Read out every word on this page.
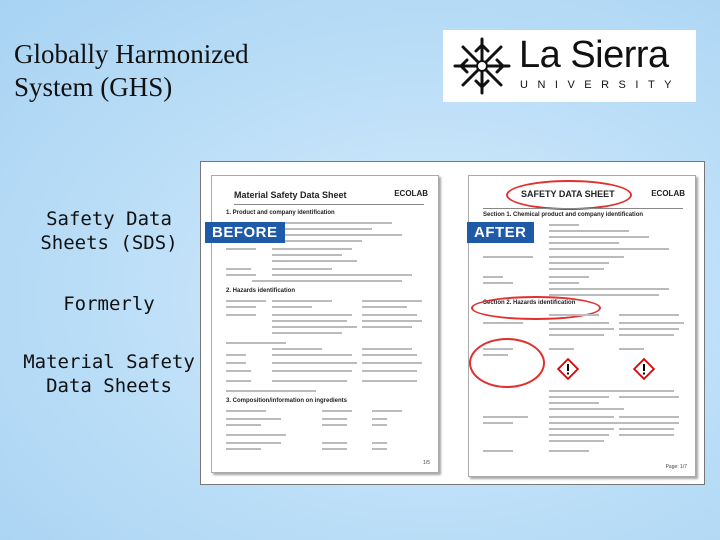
Globally Harmonized
System (GHS)
La Sierra
UNIVERSITY
Safety Data
Sheets (SDS)
Formerly
Material Safety
Data Sheets
Material Safety Data Sheet	ECOLAB
1. Product and company identification
2. Hazards identification
3. Composition/information on ingredients
1/5
BEFORE
SAFETY DATA SHEET	ECOLAB
Section 1. Chemical product and company identification
Section 2. Hazards identification
Page: 1/7
AFTER
